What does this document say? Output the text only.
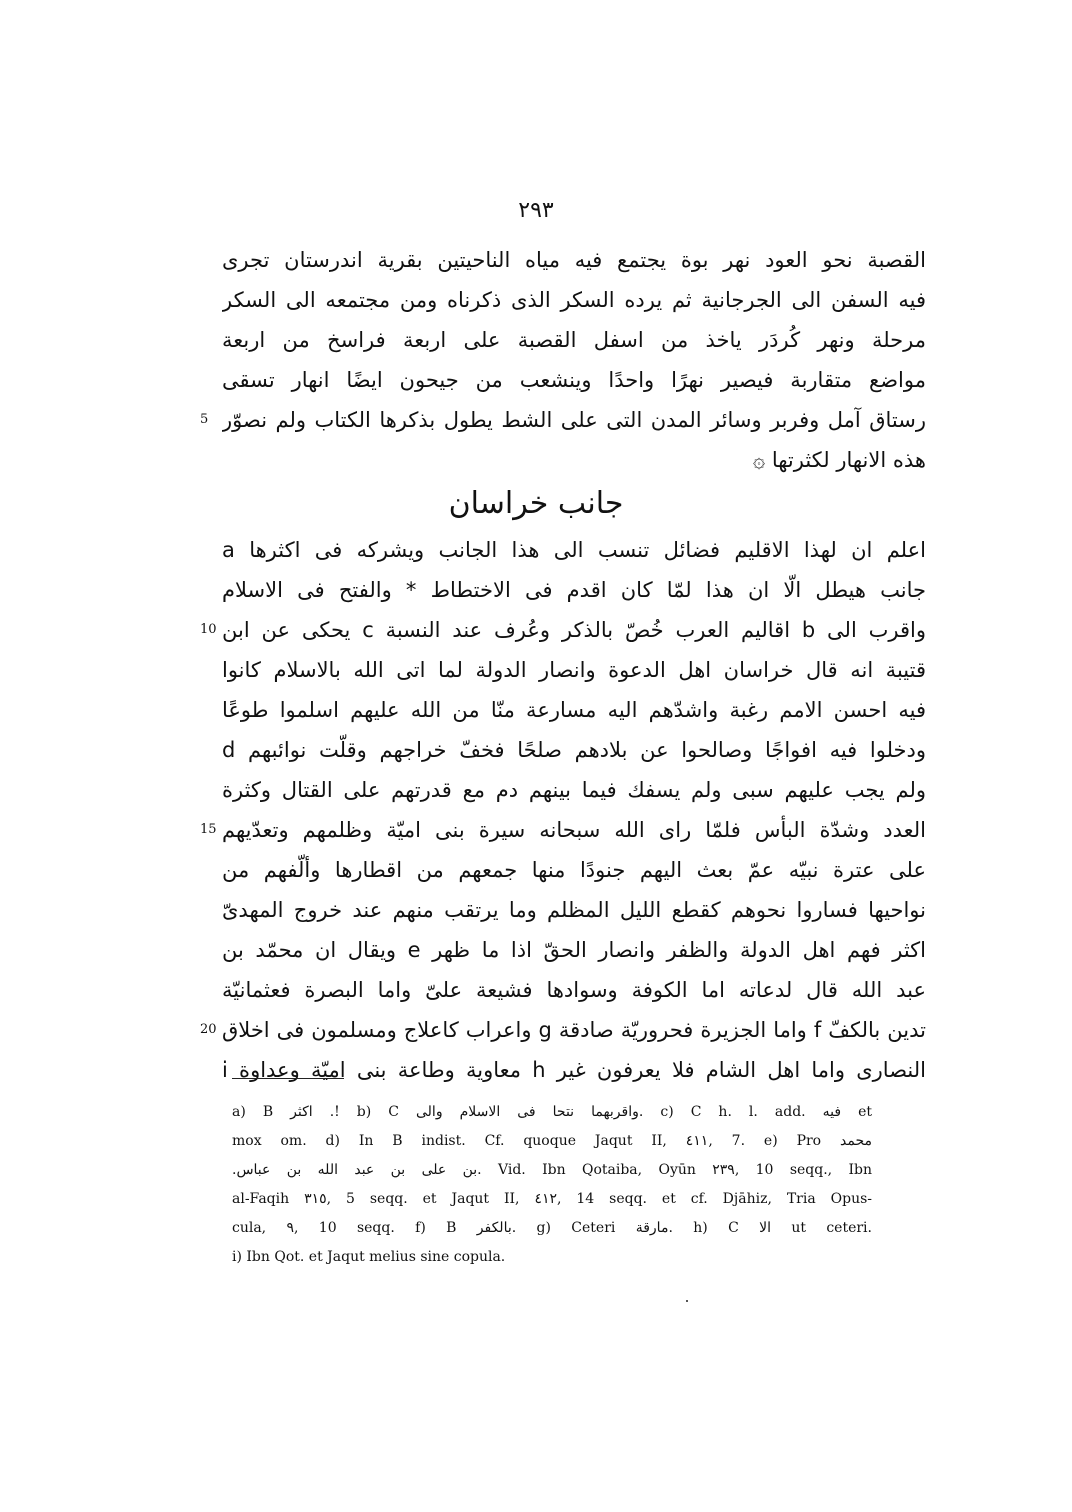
٢٩٣
القصبة نحو العود نهر بوة يجتمع فيه مياه الناحيتين بقرية اندرستان تجرى
فيه السفن الى الجرجانية ثم يرده السكر الذى ذكرناه ومن مجتمعه الى السكر
مرحلة ونهر كُردَر ياخذ من اسفل القصبة على اربعة فراسخ من اربعة
مواضع متقاربة فيصير نهرًا واحدًا وينشعب من جيحون ايضًا انهار تسقى
5 رستاق آمل وفربر وسائر المدن التى على الشط يطول بذكرها الكتاب ولم نصوّر
هذه الانهار لكثرتها ۞
جانب خراسان
اعلم ان لهذا الاقليم فضائل تنسب الى هذا الجانب ويشركه فى اكثرها a
جانب هيطل الّا ان هذا لمّا كان اقدم فى الاختطاط * والفتح فى الاسلام
10 واقرب الى b اقاليم العرب خُصّ بالذكر وعُرف عند النسبة c يحكى عن ابن
قتيبة انه قال خراسان اهل الدعوة وانصار الدولة لما اتى الله بالاسلام كانوا
فيه احسن الامم رغبة واشدّهم اليه مسارعة منّا من الله عليهم اسلموا طوعًا
ودخلوا فيه افواجًا وصالحوا عن بلادهم صلحًا فخفّ خراجهم وقلّت نوائبهم d
ولم يجب عليهم سبى ولم يسفك فيما بينهم دم مع قدرتهم على القتال وكثرة
15 العدد وشدّة البأس فلمّا راى الله سبحانه سيرة بنى اميّة وظلمهم وتعدّيهم
على عترة نبيّه عمّ بعث اليهم جنودًا منها جمعهم من اقطارها وألّفهم من
نواحيها فساروا نحوهم كقطع الليل المظلم وما يرتقب منهم عند خروج المهدىّ
اكثر فهم اهل الدولة والظفر وانصار الحقّ اذا ما ظهر e ويقال ان محمّد بن
عبد الله قال لدعاته اما الكوفة وسوادها فشيعة علىّ واما البصرة فعثمانيّة
20 تدين بالكفّ f واما الجزيرة فحروريّة صادقة g واعراب كاعلاج ومسلمون فى اخلاق
النصارى واما اهل الشام فلا يعرفون غير h معاوية وطاعة بنى اميّة وعداوة i
a) B اكثر .! b) C واقربهما نتحا فى الاسلام والى. c) C h. l. add. فيه et
mox om. d) In B indist. Cf. quoque Jaqut II, ٤١١, 7. e) Pro محمد
.بن على بن عبد الله بن عباس. Vid. Ibn Qotaiba, Oyūn ٢٣٩, 10 seqq., Ibn
al-Faqih ٣١٥, 5 seqq. et Jaqut II, ٤١٢, 14 seqq. et cf. Djāhiz, Tria Opus-
cula, ٩, 10 seqq. f) B بالكفر. g) Ceteri مارقة. h) C الا ut ceteri.
i) Ibn Qot. et Jaqut melius sine copula.
